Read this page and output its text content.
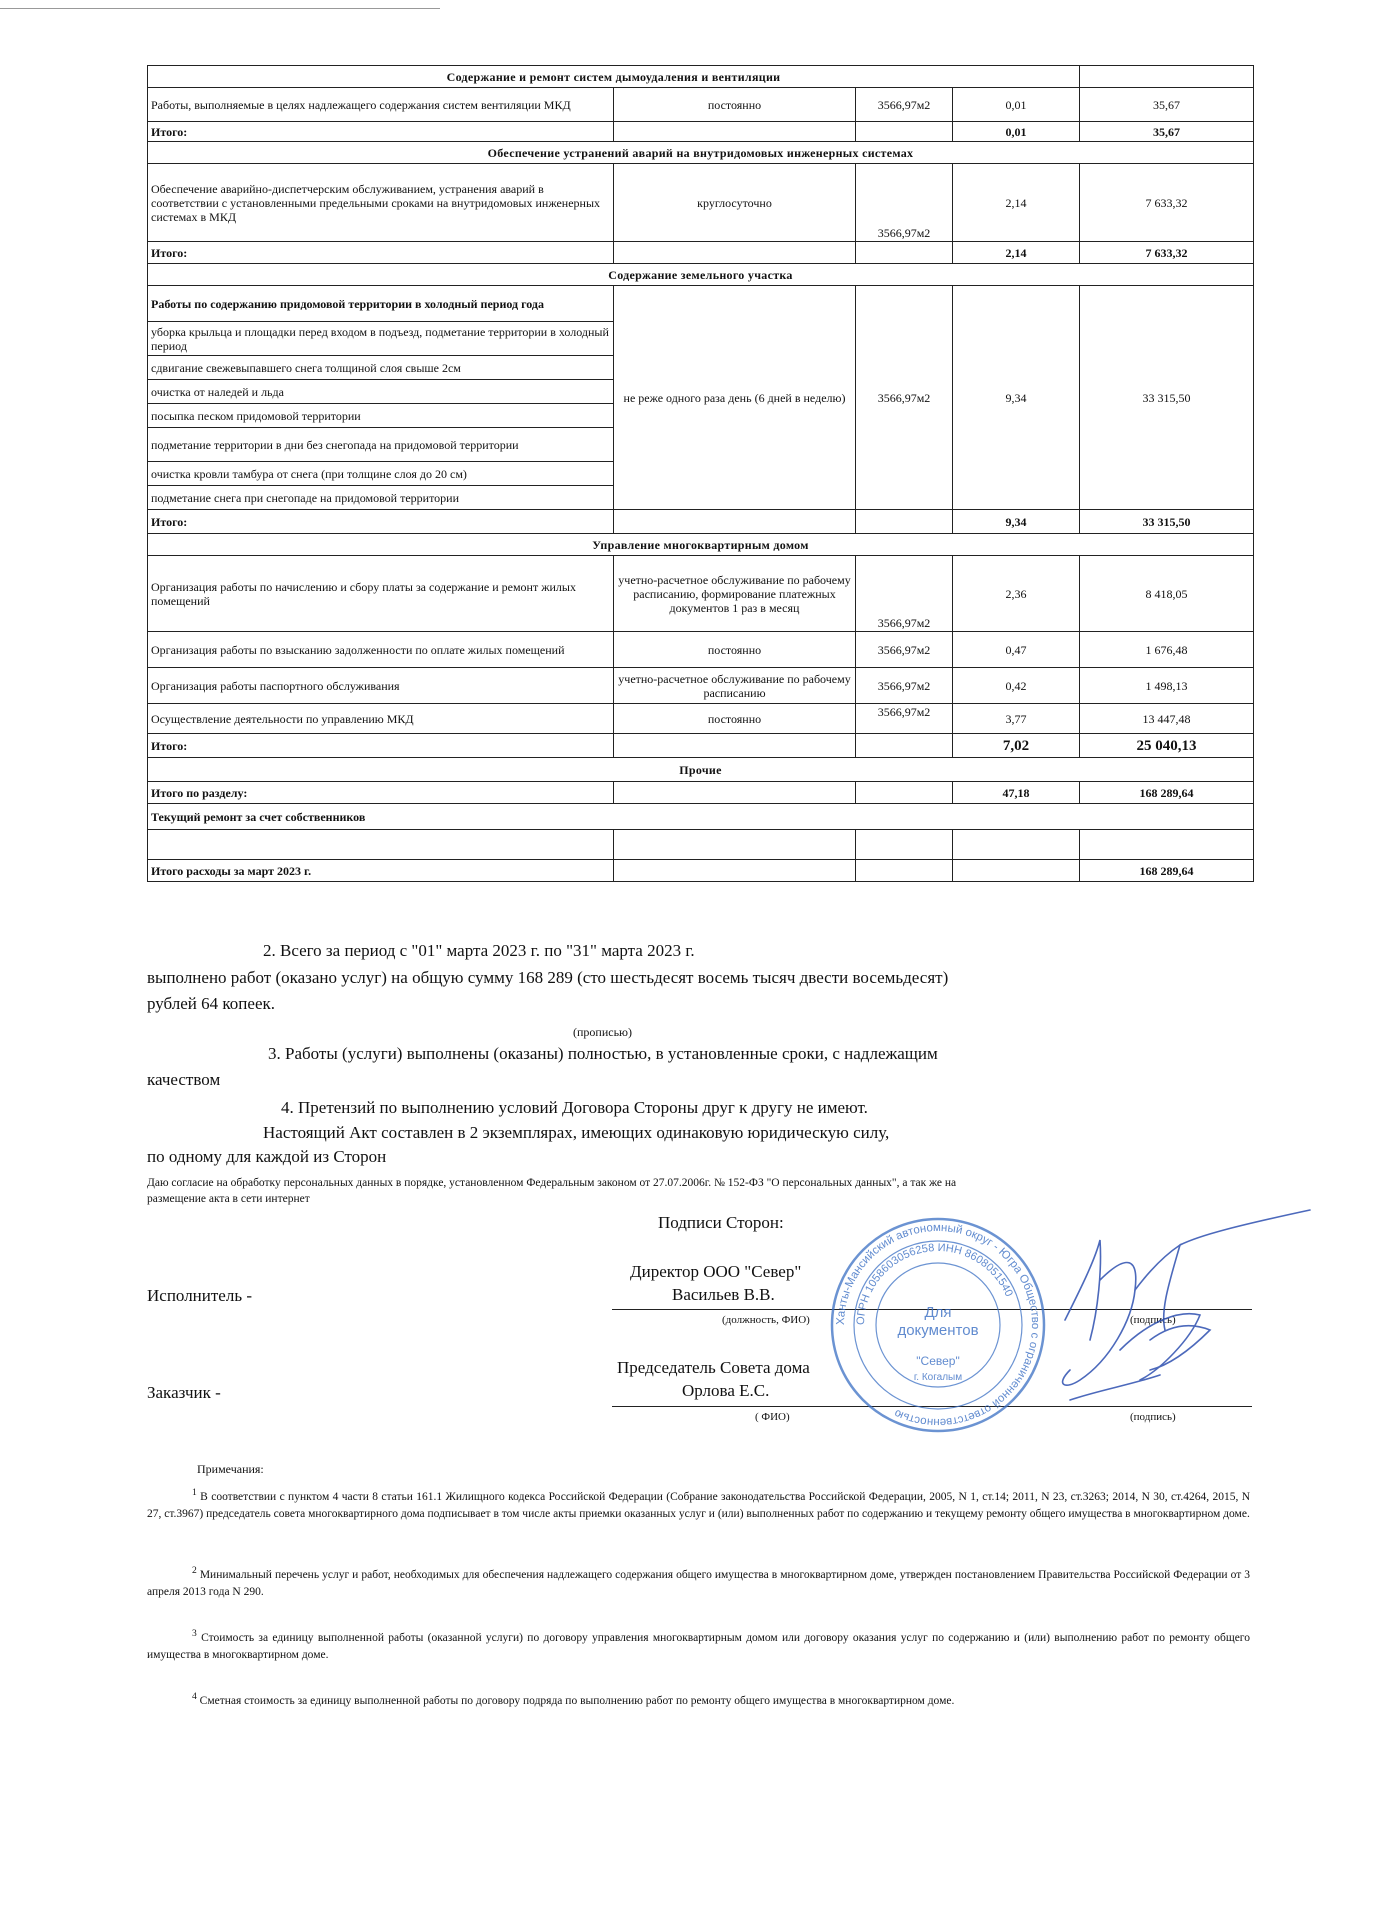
Содержание и ремонт систем дымоудаления и вентиляции				
Работы, выполняемые в целях надлежащего содержания систем вентиляции МКД	постоянно	3566,97м2	0,01	35,67
Итого:			0,01	35,67
Обеспечение устранений аварий на внутридомовых инженерных системах				
Обеспечение аварийно-диспетчерским обслуживанием, устранения аварий в соответствии с установленными предельными сроками на внутридомовых инженерных системах в МКД	круглосуточно	3566,97м2	2,14	7 633,32
Итого:			2,14	7 633,32
Содержание земельного участка				
Работы по содержанию придомовой территории в холодный период года	не реже одного раза день (6 дней в неделю)	3566,97м2	9,34	33 315,50
уборка крыльца и площадки перед входом в подъезд, подметание территории в холодный период				
сдвигание свежевыпавшего снега толщиной слоя свыше 2см				
очистка от наледей и льда				
посыпка песком придомовой территории				
подметание территории в дни без снегопада на придомовой территории				
очистка кровли тамбура от снега (при толщине слоя до 20 см)				
подметание снега при снегопаде на придомовой территории				
Итого:			9,34	33 315,50
Управление многоквартирным домом				
Организация работы по начислению и сбору платы за содержание и ремонт жилых помещений	учетно-расчетное обслуживание по рабочему расписанию, формирование платежных документов 1 раз в месяц	3566,97м2	2,36	8 418,05
Организация работы по взысканию задолженности по оплате жилых помещений	постоянно	3566,97м2	0,47	1 676,48
Организация работы паспортного обслуживания	учетно-расчетное обслуживание по рабочему расписанию	3566,97м2	0,42	1 498,13
Осуществление деятельности по управлению МКД	постоянно	3566,97м2	3,77	13 447,48
Итого:			7,02	25 040,13
Прочие				
Итого по разделу:			47,18	168 289,64
Текущий ремонт за счет собственников				

Итого расходы за март 2023 г.				168 289,64
2. Всего за период с "01" марта 2023 г. по "31" марта 2023 г.
выполнено работ (оказано услуг) на общую сумму 168 289 (сто шестьдесят восемь тысяч двести восемьдесят)
рублей 64 копеек.
(прописью)
3. Работы (услуги) выполнены (оказаны) полностью, в установленные сроки, с надлежащим
качеством
4. Претензий по выполнению условий Договора Стороны друг к другу не имеют.
Настоящий Акт составлен в 2 экземплярах, имеющих одинаковую юридическую силу,
по одному для каждой из Сторон
Даю согласие на обработку персональных данных в порядке, установленном Федеральным законом от 27.07.2006г. № 152-ФЗ "О персональных данных", а так же на
размещение акта в сети интернет
Подписи Сторон:
Исполнитель -
Директор ООО "Север"
Васильев В.В.
(должность, ФИО)	(подпись)
Заказчик -
Председатель Совета дома
Орлова Е.С.
( ФИО)	(подпись)
Ханты-Мансийский автономный округ - Югра Общество с ограниченной ответственностью
ОГРН 1058603056258 ИНН 8608051540
Для
документов
"Север"
г. Когалым
Примечания:
$^1$ В соответствии с пунктом 4 части 8 статьи 161.1 Жилищного кодекса Российской Федерации (Собрание законодательства Российской Федерации, 2005, N 1, ст.14; 2011, N 23, ст.3263; 2014, N 30, ст.4264, 2015, N 27, ст.3967) председатель совета многоквартирного дома подписывает в том числе акты приемки оказанных услуг и (или) выполненных работ по содержанию и текущему ремонту общего имущества в многоквартирном доме.
$^2$ Минимальный перечень услуг и работ, необходимых для обеспечения надлежащего содержания общего имущества в многоквартирном доме, утвержден постановлением Правительства Российской Федерации от 3 апреля 2013 года N 290.
$^3$ Стоимость за единицу выполненной работы (оказанной услуги) по договору управления многоквартирным домом или договору оказания услуг по содержанию и (или) выполнению работ по ремонту общего имущества в многоквартирном доме.
$^4$ Сметная стоимость за единицу выполненной работы по договору подряда по выполнению работ по ремонту общего имущества в многоквартирном доме.
